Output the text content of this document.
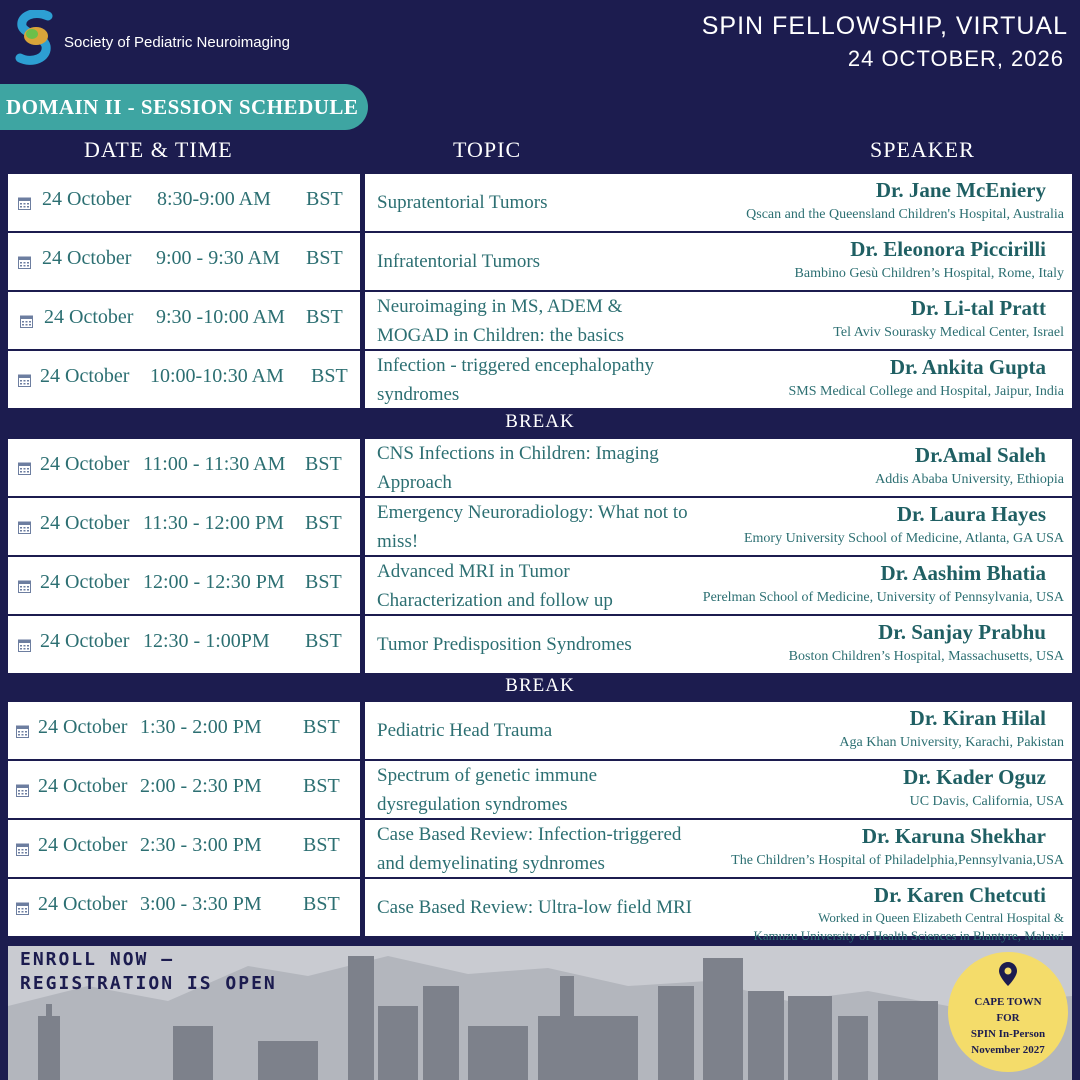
Society of Pediatric Neuroimaging
SPIN FELLOWSHIP, VIRTUAL
24 OCTOBER, 2026
DOMAIN II - SESSION SCHEDULE
DATE & TIME	TOPIC	SPEAKER
24 October 8:30-9:00 AM BST Supratentorial Tumors
Dr. Jane McEniery
Qscan and the Queensland Children's Hospital, Australia
24 October 9:00 - 9:30 AM BST Infratentorial Tumors
Dr. Eleonora Piccirilli
Bambino Gesù Children’s Hospital, Rome, Italy
24 October 9:30 -10:00 AM BST Neuroimaging in MS, ADEM & MOGAD in Children: the basics
Dr. Li-tal Pratt
Tel Aviv Sourasky Medical Center, Israel
24 October 10:00-10:30 AM BST Infection - triggered encephalopathy syndromes
Dr. Ankita Gupta
SMS Medical College and Hospital, Jaipur, India
24 October 11:00 - 11:30 AM BST CNS Infections in Children: Imaging Approach
Dr.Amal Saleh
Addis Ababa University, Ethiopia
24 October 11:30 - 12:00 PM BST Emergency Neuroradiology: What not to miss!
Dr. Laura Hayes
Emory University School of Medicine, Atlanta, GA USA
24 October 12:00 - 12:30 PM BST Advanced MRI in Tumor Characterization and follow up
Dr. Aashim Bhatia
Perelman School of Medicine, University of Pennsylvania, USA
24 October 12:30 - 1:00PM BST Tumor Predisposition Syndromes
Dr. Sanjay Prabhu
Boston Children’s Hospital, Massachusetts, USA
24 October 1:30 - 2:00 PM BST Pediatric Head Trauma
Dr. Kiran Hilal
Aga Khan University, Karachi, Pakistan
24 October 2:00 - 2:30 PM BST Spectrum of genetic immune dysregulation syndromes
Dr. Kader Oguz
UC Davis, California, USA
24 October 2:30 - 3:00 PM BST Case Based Review: Infection-triggered and demyelinating sydnromes
Dr. Karuna Shekhar
The Children’s Hospital of Philadelphia,Pennsylvania,USA
24 October 3:00 - 3:30 PM BST Case Based Review: Ultra-low field MRI
Dr. Karen Chetcuti
Worked in Queen Elizabeth Central Hospital &
Kamuzu University of Health Sciences in Blantyre, Malawi
BREAK
BREAK
ENROLL NOW –
REGISTRATION IS OPEN
CAPE TOWN
FOR
SPIN In-Person
November 2027
